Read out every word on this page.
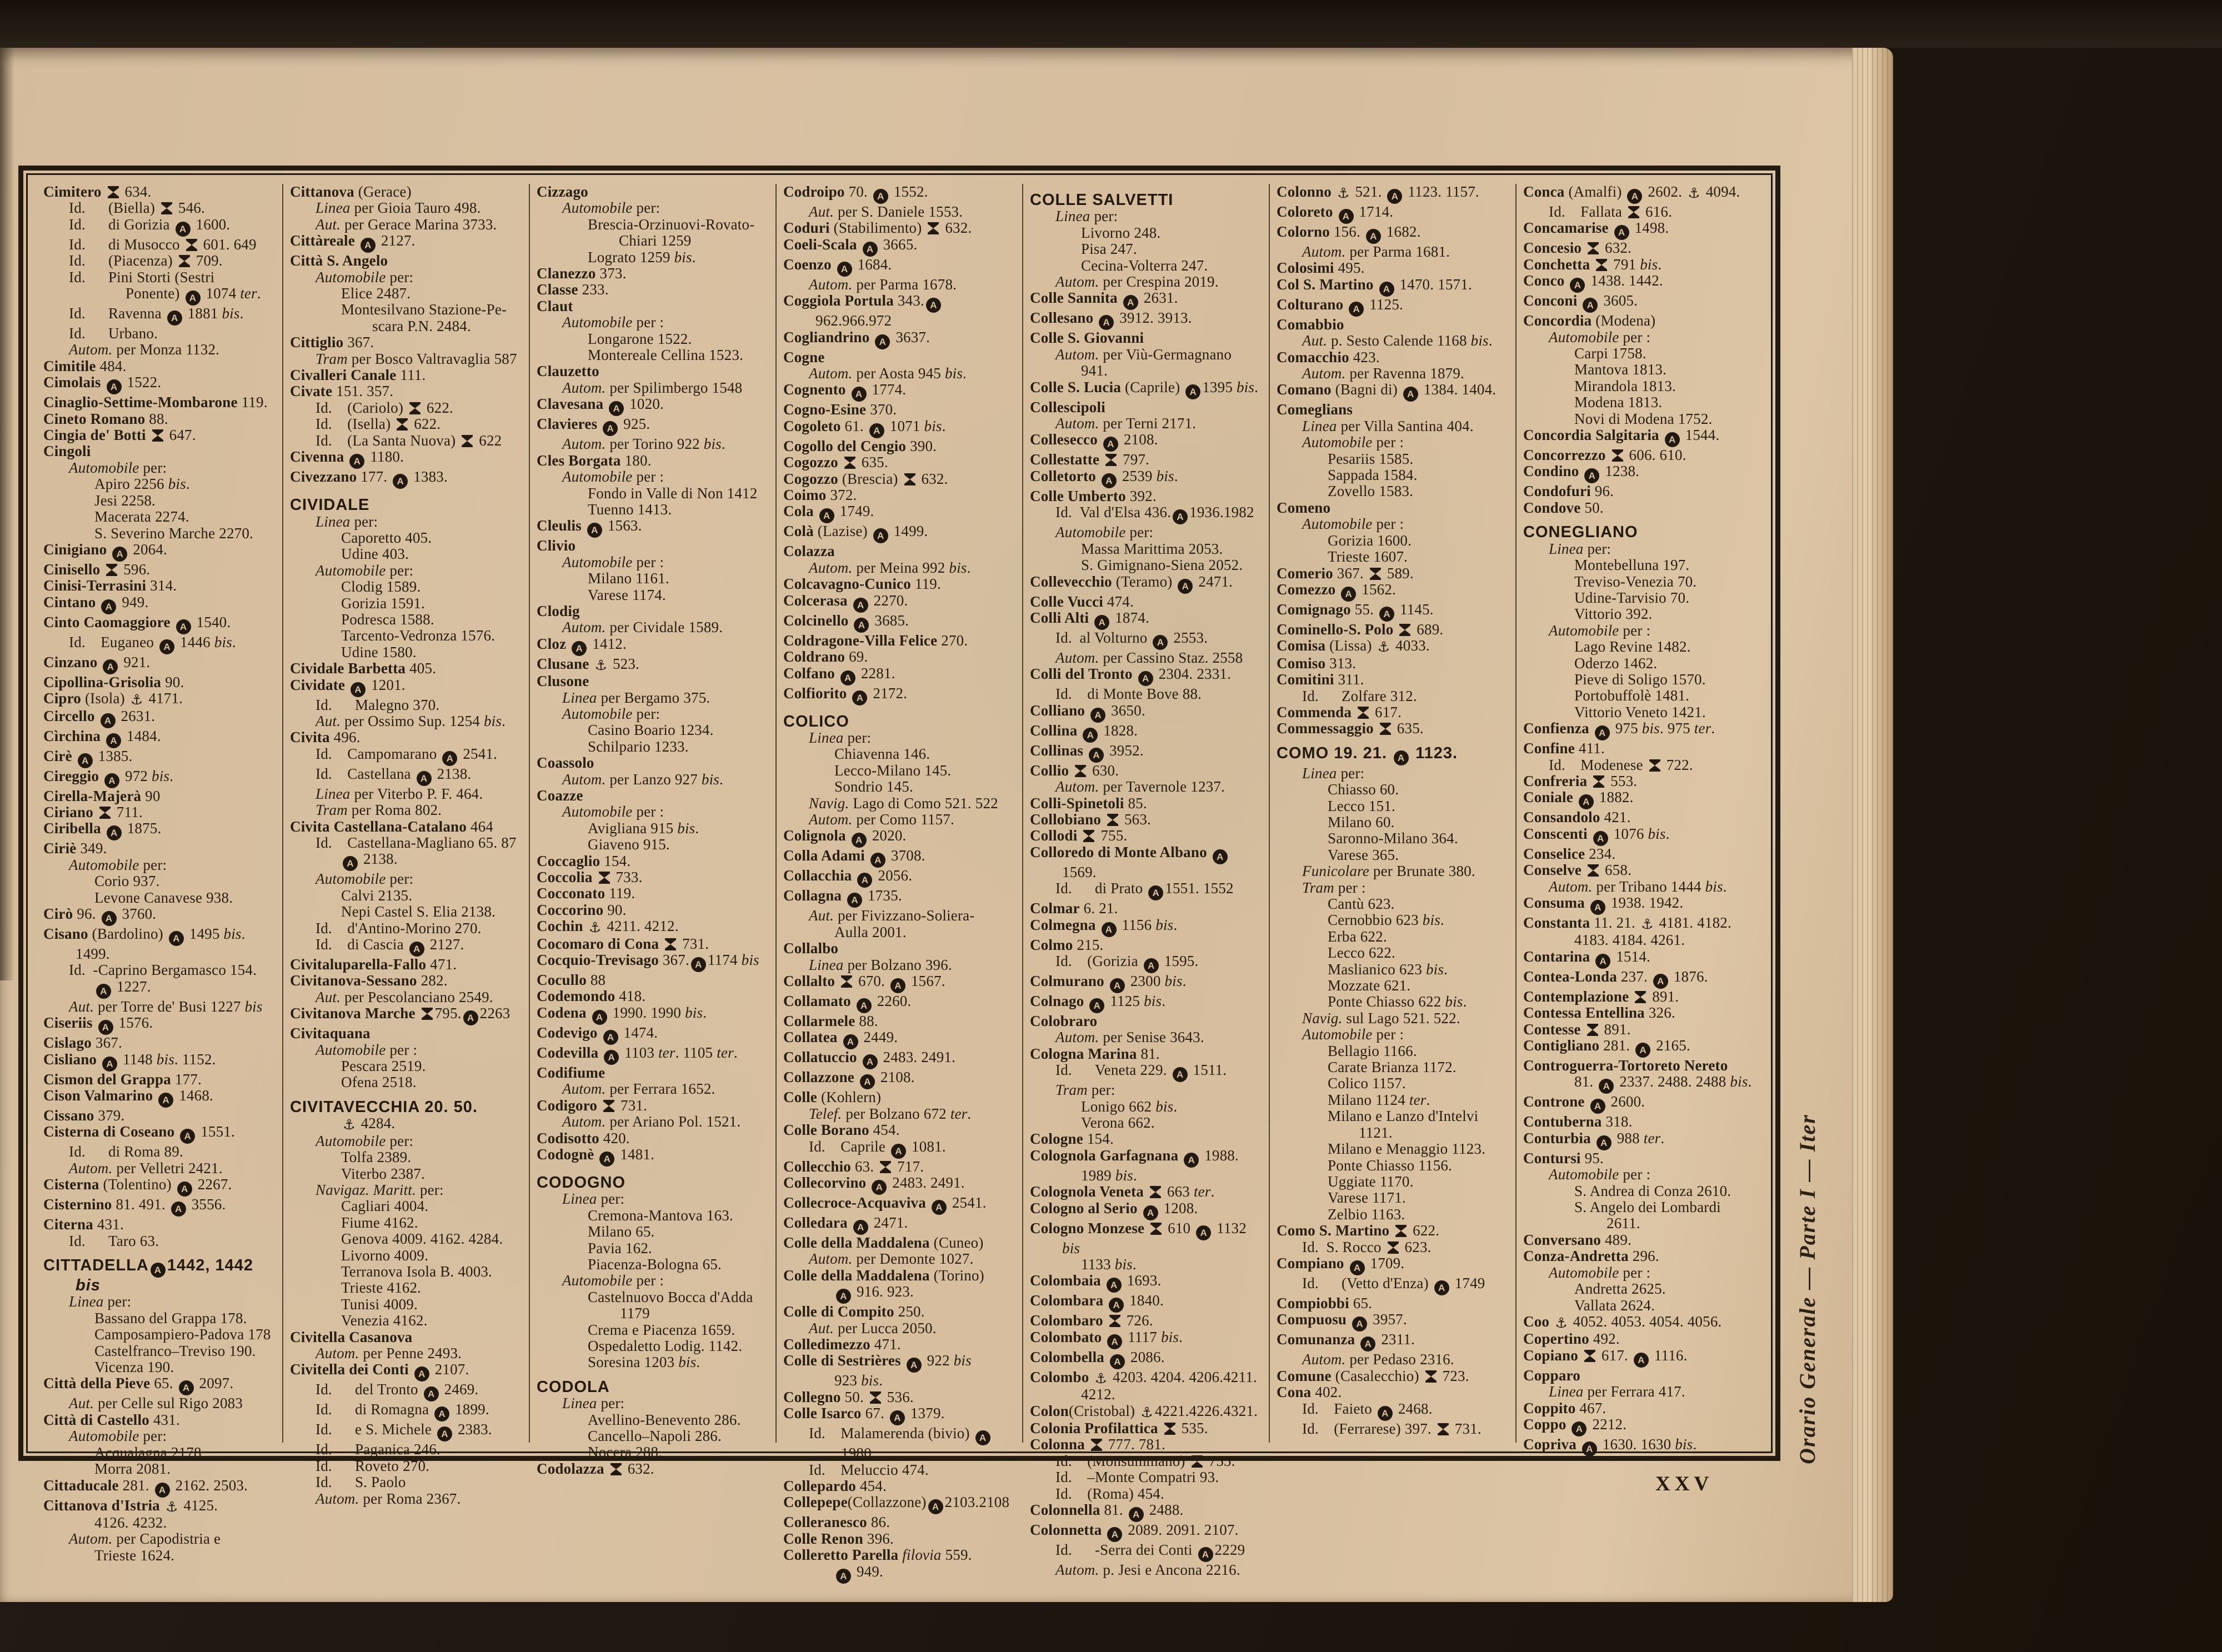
Cimitero  634.
Id.   (Biella)  546.
Id.   di Gorizia A 1600.
Id.   di Musocco  601. 649
Id.   (Piacenza)  709.
Id.   Pini Storti (Sestri
Ponente) A 1074 ter.
Id.   Ravenna A 1881 bis.
Id.   Urbano.
Autom. per Monza 1132.
Cimitile 484.
Cimolais A 1522.
Cinaglio-Settime-Mombarone 119.
Cineto Romano 88.
Cingia de' Botti  647.
Cingoli
Automobile per:
Apiro 2256 bis.
Jesi 2258.
Macerata 2274.
S. Severino Marche 2270.
Cinigiano A 2064.
Cinisello  596.
Cinisi-Terrasini 314.
Cintano A 949.
Cinto Caomaggiore A 1540.
Id.  Euganeo A 1446 bis.
Cinzano A 921.
Cipollina-Grisolia 90.
Cipro (Isola) ⚓ 4171.
Circello A 2631.
Cìrchina A 1484.
Cirè A 1385.
Cireggio A 972 bis.
Cirella-Majerà 90
Ciriano  711.
Ciribella A 1875.
Ciriè 349.
Automobile per:
Corio 937.
Levone Canavese 938.
Cirò 96. A 3760.
Cisano (Bardolino) A 1495 bis. 1499.
Id. -Caprino Bergamasco 154.
A 1227.
Aut. per Torre de' Busi 1227 bis
Ciseriis A 1576.
Cislago 367.
Cisliano A 1148 bis. 1152.
Cismon del Grappa 177.
Cison Valmarino A 1468.
Cissano 379.
Cisterna di Coseano A 1551.
Id.   di Roma 89.
Autom. per Velletri 2421.
Cisterna (Tolentino) A 2267.
Cisternino 81. 491. A 3556.
Citerna 431.
Id.   Taro 63.
CITTADELLA A 1442, 1442 bis
Linea per:
Bassano del Grappa 178.
Camposampiero-Padova 178
Castelfranco–Treviso 190.
Vicenza 190.
Città della Pieve 65. A 2097.
Aut. per Celle sul Rigo 2083
Città di Castello 431.
Automobile per:
Acqualagna 2178.
Morra 2081.
Cittaducale 281. A 2162. 2503.
Cittanova d'Istria ⚓ 4125.
4126. 4232.
Autom. per Capodistria e
Trieste 1624.
Cittanova (Gerace)
Linea per Gioia Tauro 498.
Aut. per Gerace Marina 3733.
Cittàreale A 2127.
Città S. Angelo
Automobile per:
Elice 2487.
Montesilvano Stazione-Pe-
scara P.N. 2484.
Cittiglio 367.
Tram per Bosco Valtravaglia 587
Civalleri Canale 111.
Civate 151. 357.
Id.  (Cariolo)  622.
Id.  (Isella)  622.
Id.  (La Santa Nuova)  622
Civenna A 1180.
Civezzano 177. A 1383.
CIVIDALE
Linea per:
Caporetto 405.
Udine 403.
Automobile per:
Clodig 1589.
Gorizia 1591.
Podresca 1588.
Tarcento-Vedronza 1576.
Udine 1580.
Cividale Barbetta 405.
Cividate A 1201.
Id.   Malegno 370.
Aut. per Ossimo Sup. 1254 bis.
Civita 496.
Id.  Campomarano A 2541.
Id.  Castellana A 2138.
Linea per Viterbo P. F. 464.
Tram per Roma 802.
Civita Castellana-Catalano 464
Id.  Castellana-Magliano 65. 87
A 2138.
Automobile per:
Calvi 2135.
Nepi Castel S. Elia 2138.
Id.  d'Antino-Morino 270.
Id.  di Cascia A 2127.
Civitaluparella-Fallo 471.
Civitanova-Sessano 282.
Aut. per Pescolanciano 2549.
Civitanova Marche 795. A 2263
Civitaquana
Automobile per :
Pescara 2519.
Ofena 2518.
CIVITAVECCHIA 20. 50.
⚓ 4284.
Automobile per:
Tolfa 2389.
Viterbo 2387.
Navigaz. Maritt. per:
Cagliari 4004.
Fiume 4162.
Genova 4009. 4162. 4284.
Livorno 4009.
Terranova Isola B. 4003.
Trieste 4162.
Tunisi 4009.
Venezia 4162.
Civitella Casanova
Autom. per Penne 2493.
Civitella dei Conti A 2107.
Id.   del Tronto A 2469.
Id.   di Romagna A 1899.
Id.   e S. Michele A 2383.
Id.   Paganica 246.
Id.   Roveto 270.
Id.   S. Paolo
Autom. per Roma 2367.
Cizzago
Automobile per:
Brescia-Orzinuovi-Rovato-
Chiari 1259
Lograto 1259 bis.
Clanezzo 373.
Classe 233.
Claut
Automobile per :
Longarone 1522.
Montereale Cellina 1523.
Clauzetto
Autom. per Spilimbergo 1548
Clavesana A 1020.
Clavieres A 925.
Autom. per Torino 922 bis.
Cles Borgata 180.
Automobile per :
Fondo in Valle di Non 1412
Tuenno 1413.
Cleulis A 1563.
Clivio
Automobile per :
Milano 1161.
Varese 1174.
Clodig
Autom. per Cividale 1589.
Cloz A 1412.
Clusane ⚓ 523.
Clusone
Linea per Bergamo 375.
Automobile per:
Casino Boario 1234.
Schilpario 1233.
Coassolo
Autom. per Lanzo 927 bis.
Coazze
Automobile per :
Avigliana 915 bis.
Giaveno 915.
Coccaglio 154.
Coccolia  733.
Cocconato 119.
Coccorino 90.
Cochin ⚓ 4211. 4212.
Cocomaro di Cona  731.
Cocquio-Trevisago 367. A 1174 bis
Cocullo 88
Codemondo 418.
Codena A 1990. 1990 bis.
Codevigo A 1474.
Codevilla A 1103 ter. 1105 ter.
Codifiume
Autom. per Ferrara 1652.
Codigoro  731.
Autom. per Ariano Pol. 1521.
Codisotto 420.
Codognè A 1481.
CODOGNO
Linea per:
Cremona-Mantova 163.
Milano 65.
Pavia 162.
Piacenza-Bologna 65.
Automobile per :
Castelnuovo Bocca d'Adda 1179
Crema e Piacenza 1659.
Ospedaletto Lodig. 1142.
Soresina 1203 bis.
CODOLA
Linea per:
Avellino-Benevento 286.
Cancello–Napoli 286.
Nocera 288.
Codolazza  632.
Codroipo 70. A 1552.
Aut. per S. Daniele 1553.
Coduri (Stabilimento)  632.
Coeli-Scala A 3665.
Coenzo A 1684.
Autom. per Parma 1678.
Coggiola Portula 343. A962.966.972
Cogliandrino A 3637.
Cogne
Autom. per Aosta 945 bis.
Cognento A 1774.
Cogno-Esine 370.
Cogoleto 61. A 1071 bis.
Cogollo del Cengio 390.
Cogozzo  635.
Cogozzo (Brescia)  632.
Coimo 372.
Cola A 1749.
Colà (Lazise) A 1499.
Colazza
Autom. per Meina 992 bis.
Colcavagno-Cunico 119.
Colcerasa A 2270.
Colcinello A 3685.
Coldragone-Villa Felice 270.
Coldrano 69.
Colfano A 2281.
Colfiorito A 2172.
COLICO
Linea per:
Chiavenna 146.
Lecco-Milano 145.
Sondrio 145.
Navig. Lago di Como 521. 522
Autom. per Como 1157.
Colignola A 2020.
Colla Adami A 3708.
Collacchia A 2056.
Collagna A 1735.
Aut. per Fivizzano-Soliera-
Aulla 2001.
Collalbo
Linea per Bolzano 396.
Collalto  670. A 1567.
Collamato A 2260.
Collarmele 88.
Collatea A 2449.
Collatuccio A 2483. 2491.
Collazzone A 2108.
Colle (Kohlern)
Telef. per Bolzano 672 ter.
Colle Borano 454.
Id.  Caprile A 1081.
Collecchio 63.  717.
Collecorvino A 2483. 2491.
Collecroce-Acquaviva A 2541.
Colledara A 2471.
Colle della Maddalena (Cuneo)
Autom. per Demonte 1027.
Colle della Maddalena (Torino)
A 916. 923.
Colle di Compito 250.
Aut. per Lucca 2050.
Colledimezzo 471.
Colle di Sestrières A 922 bis
923 bis.
Collegno 50.  536.
Colle Isarco 67. A 1379.
Id.  Malamerenda (bivio) A 1980
Id.  Meluccio 474.
Collepardo 454.
Collepepe(Collazzone) A 2103.2108
Colleranesco 86.
Colle Renon 396.
Colleretto Parella filovia 559.
A 949.
COLLE SALVETTI
Linea per:
Livorno 248.
Pisa 247.
Cecina-Volterra 247.
Autom. per Crespina 2019.
Colle Sannita A 2631.
Collesano A 3912. 3913.
Colle S. Giovanni
Autom. per Viù-Germagnano
941.
Colle S. Lucia (Caprile) A 1395 bis.
Collescipoli
Autom. per Terni 2171.
Collesecco A 2108.
Collestatte  797.
Colletorto A 2539 bis.
Colle Umberto 392.
Id. Val d'Elsa 436. A 1936.1982
Automobile per:
Massa Marittima 2053.
S. Gimignano-Siena 2052.
Collevecchio (Teramo) A 2471.
Colle Vucci 474.
Colli Alti A 1874.
Id. al Volturno A 2553.
Autom. per Cassino Staz. 2558
Colli del Tronto A 2304. 2331.
Id.  di Monte Bove 88.
Colliano A 3650.
Collina A 1828.
Collinas A 3952.
Collio  630.
Autom. per Tavernole 1237.
Colli-Spinetoli 85.
Collobiano  563.
Collodi  755.
Colloredo di Monte Albano A 1569.
Id.   di Prato A 1551. 1552
Colmar 6. 21.
Colmegna A 1156 bis.
Colmo 215.
Id.  (Gorizia A 1595.
Colmurano A 2300 bis.
Colnago A 1125 bis.
Colobraro
Autom. per Senise 3643.
Cologna Marina 81.
Id.   Veneta 229. A 1511.
Tram per:
Lonigo 662 bis.
Verona 662.
Cologne 154.
Colognola Garfagnana A 1988.
1989 bis.
Colognola Veneta  663 ter.
Cologno al Serio A 1208.
Cologno Monzese  610 A 1132 bis
1133 bis.
Colombaia A 1693.
Colombara A 1840.
Colombaro  726.
Colombato A 1117 bis.
Colombella A 2086.
Colombo ⚓ 4203. 4204. 4206.4211.
4212.
Colon(Cristobal) ⚓ 4221.4226.4321.
Colonia Profilattica  535.
Colonna  777. 781.
Id.  (Monsummano)  755.
Id.  –Monte Compatri 93.
Id.  (Roma) 454.
Colonnella 81. A 2488.
Colonnetta A 2089. 2091. 2107.
Id.   -Serra dei Conti A 2229
Autom. p. Jesi e Ancona 2216.
Colonno ⚓ 521. A 1123. 1157.
Coloreto A 1714.
Colorno 156. A 1682.
Autom. per Parma 1681.
Colosimi 495.
Col S. Martino A 1470. 1571.
Colturano A 1125.
Comabbio
Aut. p. Sesto Calende 1168 bis.
Comacchio 423.
Autom. per Ravenna 1879.
Comano (Bagni di) A 1384. 1404.
Comeglians
Linea per Villa Santina 404.
Automobile per :
Pesariis 1585.
Sappada 1584.
Zovello 1583.
Comeno
Automobile per :
Gorizia 1600.
Trieste 1607.
Comerio 367.  589.
Comezzo A 1562.
Comignago 55. A 1145.
Cominello-S. Polo  689.
Comisa (Lissa) ⚓ 4033.
Comiso 313.
Comitini 311.
Id.   Zolfare 312.
Commenda  617.
Commessaggio  635.
COMO 19. 21. A 1123.
Linea per:
Chiasso 60.
Lecco 151.
Milano 60.
Saronno-Milano 364.
Varese 365.
Funicolare per Brunate 380.
Tram per :
Cantù 623.
Cernobbio 623 bis.
Erba 622.
Lecco 622.
Maslianico 623 bis.
Mozzate 621.
Ponte Chiasso 622 bis.
Navig. sul Lago 521. 522.
Automobile per :
Bellagio 1166.
Carate Brianza 1172.
Colico 1157.
Milano 1124 ter.
Milano e Lanzo d'Intelvi
1121.
Milano e Menaggio 1123.
Ponte Chiasso 1156.
Uggiate 1170.
Varese 1171.
Zelbio 1163.
Como S. Martino  622.
Id. S. Rocco  623.
Compiano A 1709.
Id.   (Vetto d'Enza) A 1749
Compiobbi 65.
Compuosu A 3957.
Comunanza A 2311.
Autom. per Pedaso 2316.
Comune (Casalecchio)  723.
Cona 402.
Id.  Faieto A 2468.
Id.  (Ferrarese) 397.  731.
Conca (Amalfi) A 2602. ⚓ 4094.
Id.  Fallata  616.
Concamarise A 1498.
Concesio  632.
Conchetta  791 bis.
Conco A 1438. 1442.
Conconi A 3605.
Concordia (Modena)
Automobile per :
Carpi 1758.
Mantova 1813.
Mirandola 1813.
Modena 1813.
Novi di Modena 1752.
Concordia Salgitaria A 1544.
Concorrezzo  606. 610.
Condino A 1238.
Condofuri 96.
Condove 50.
CONEGLIANO
Linea per:
Montebelluna 197.
Treviso-Venezia 70.
Udine-Tarvisio 70.
Vittorio 392.
Automobile per :
Lago Revine 1482.
Oderzo 1462.
Pieve di Soligo 1570.
Portobuffolè 1481.
Vittorio Veneto 1421.
Confienza A 975 bis. 975 ter.
Confine 411.
Id.  Modenese  722.
Confreria  553.
Coniale A 1882.
Consandolo 421.
Conscenti A 1076 bis.
Conselice 234.
Conselve  658.
Autom. per Tribano 1444 bis.
Consuma A 1938. 1942.
Constanta 11. 21. ⚓ 4181. 4182.
4183. 4184. 4261.
Contarina A 1514.
Contea-Londa 237. A 1876.
Contemplazione  891.
Contessa Entellina 326.
Contesse  891.
Contigliano 281. A 2165.
Controguerra-Tortoreto Nereto
81. A 2337. 2488. 2488 bis.
Controne A 2600.
Contuberna 318.
Conturbia A 988 ter.
Contursi 95.
Automobile per :
S. Andrea di Conza 2610.
S. Angelo dei Lombardi 2611.
Conversano 489.
Conza-Andretta 296.
Automobile per :
Andretta 2625.
Vallata 2624.
Coo ⚓ 4052. 4053. 4054. 4056.
Copertino 492.
Copiano  617. A 1116.
Copparo
Linea per Ferrara 417.
Coppito 467.
Coppo A 2212.
Copriva A 1630. 1630 bis.	Orario Generale — Parte I — Iter
XXV
